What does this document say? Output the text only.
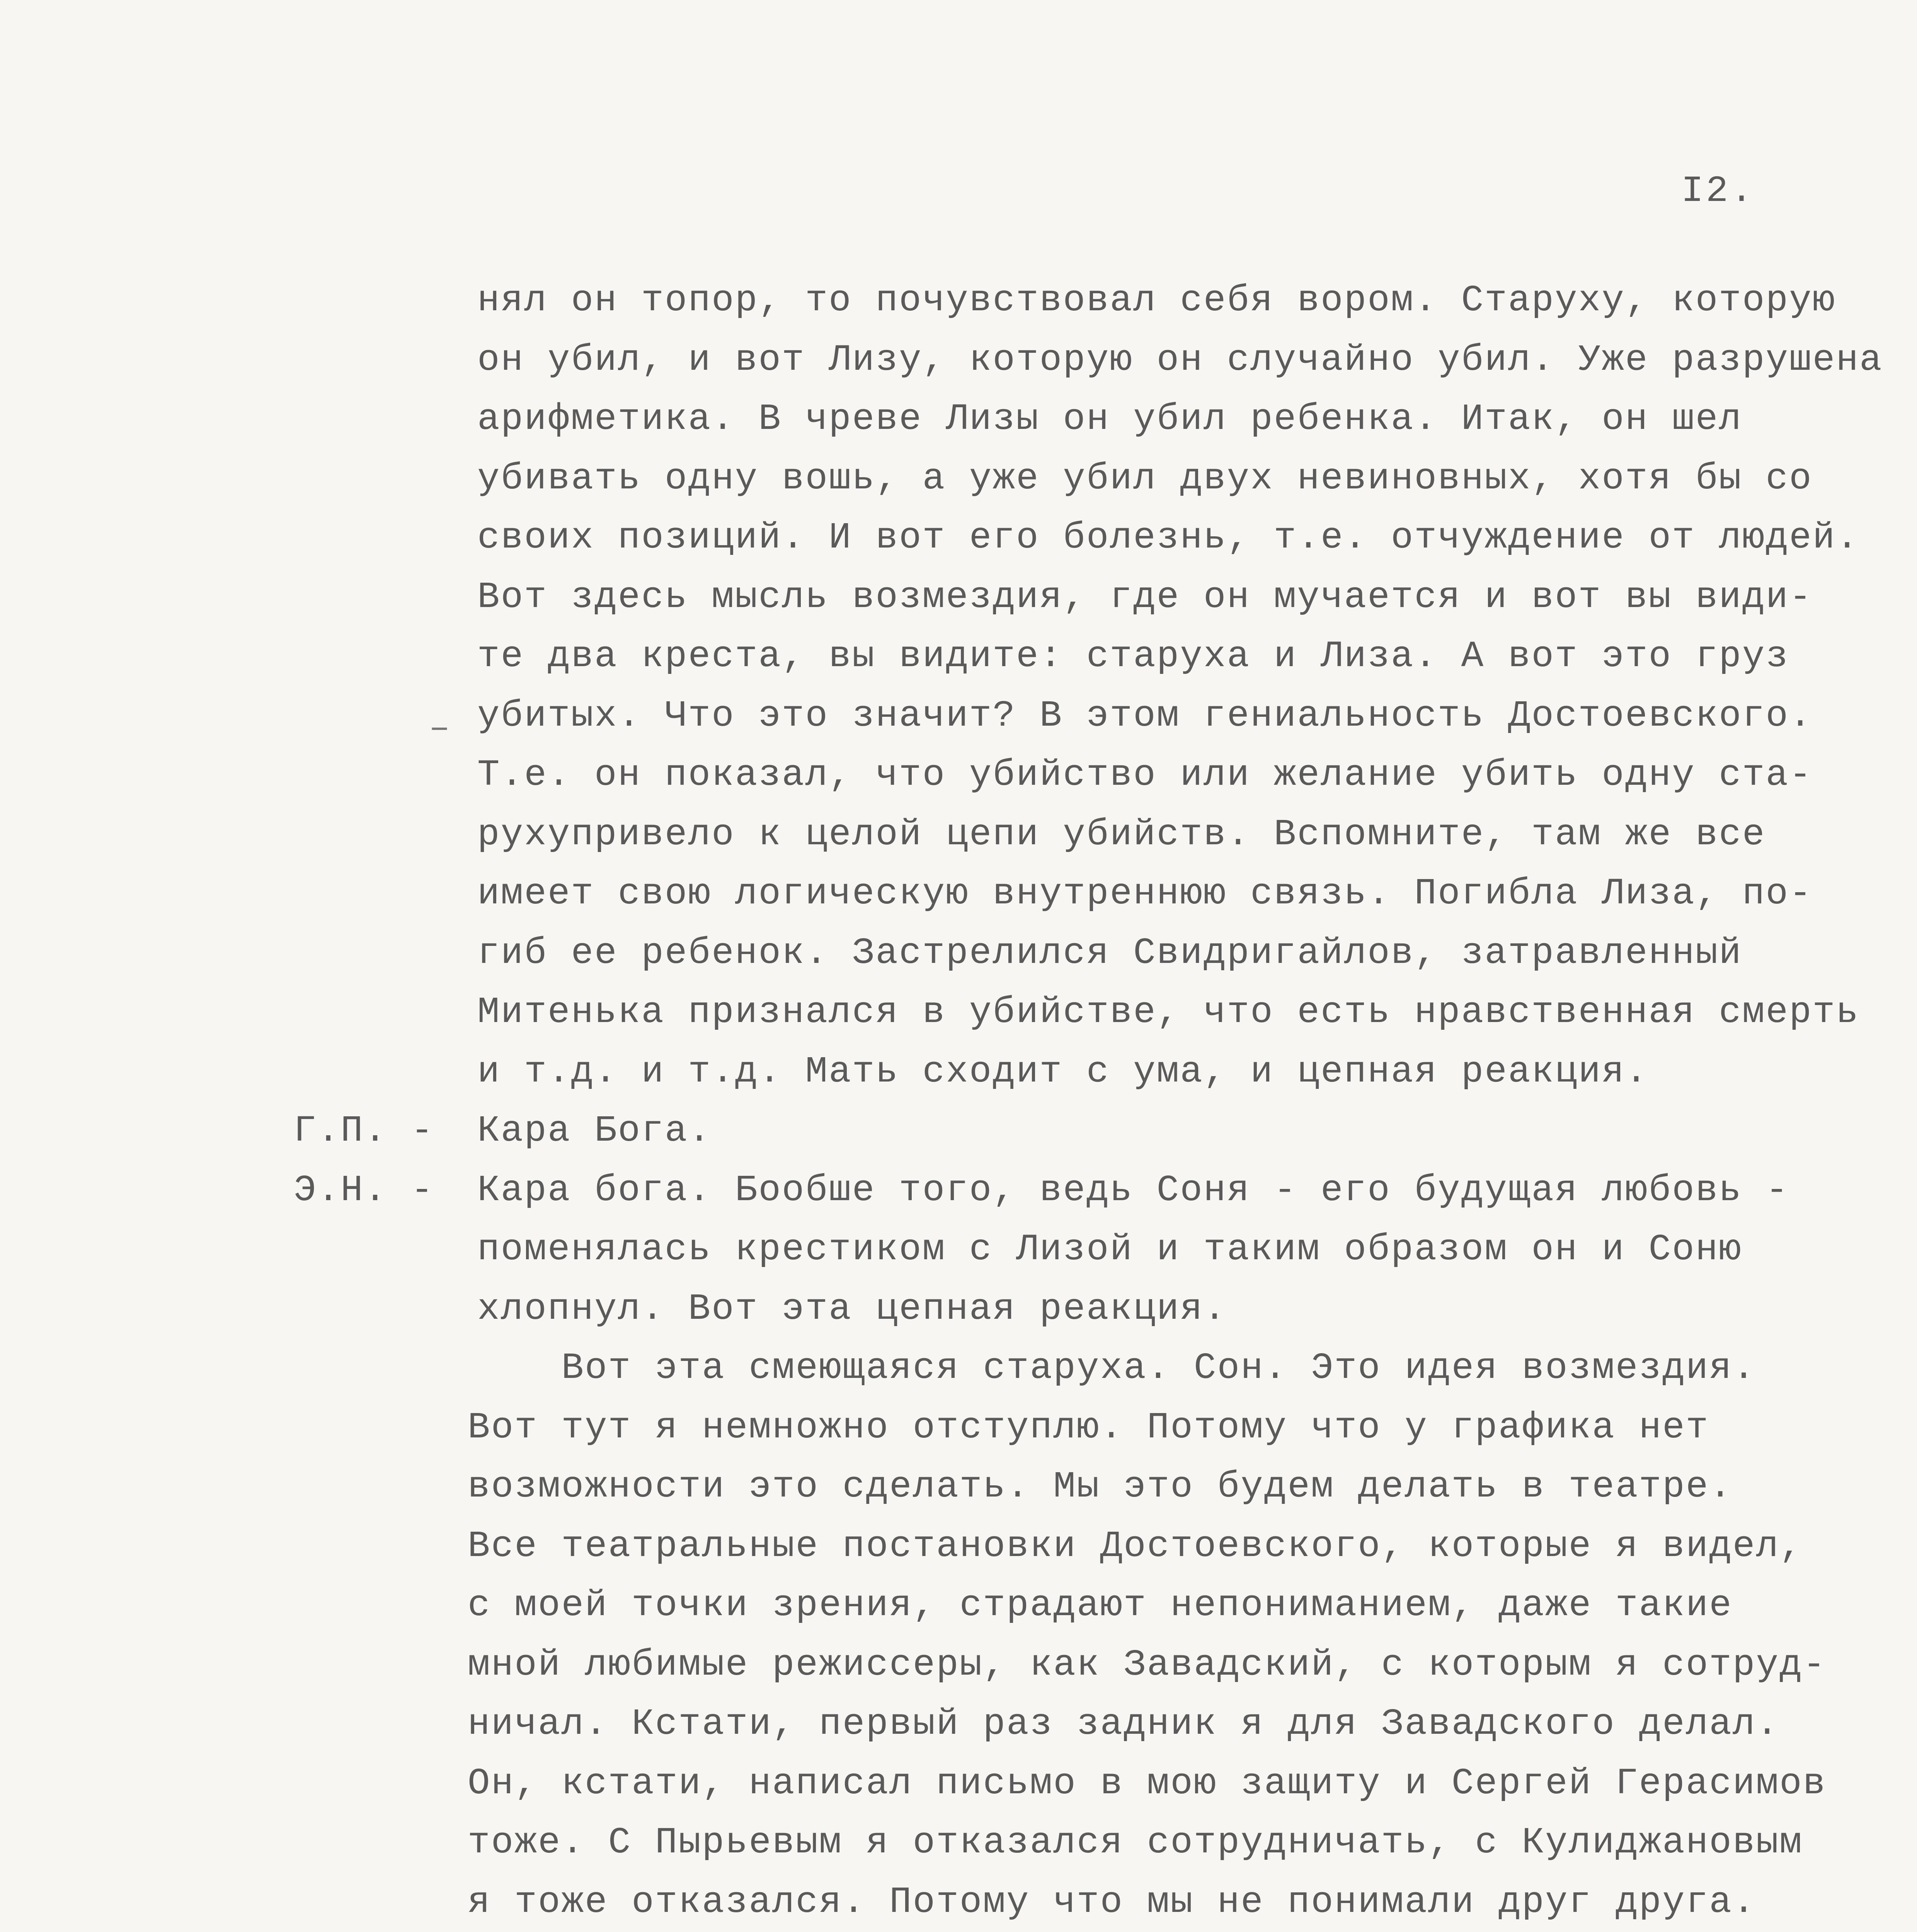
I2.
–
нял он топор, то почувствовал себя вором. Старуху, которую
он убил, и вот Лизу, которую он случайно убил. Уже разрушена
арифметика. В чреве Лизы он убил ребенка. Итак, он шел
убивать одну вошь, а уже убил двух невиновных, хотя бы со
своих позиций. И вот его болезнь, т.е. отчуждение от людей.
Вот здесь мысль возмездия, где он мучается и вот вы види-
те два креста, вы видите: старуха и Лиза. А вот это груз
убитых. Что это значит? В этом гениальность Достоевского.
Т.е. он показал, что убийство или желание убить одну ста-
рухупривело к целой цепи убийств. Вспомните, там же все
имеет свою логическую внутреннюю связь. Погибла Лиза, по-
гиб ее ребенок. Застрелился Свидригайлов, затравленный
Митенька признался в убийстве, что есть нравственная смерть
и т.д. и т.д. Мать сходит с ума, и цепная реакция.
Г.П. - Кара Бога.
Э.Н. - Кара бога. Бообше того, ведь Соня - его будущая любовь -
поменялась крестиком с Лизой и таким образом он и Соню
хлопнул. Вот эта цепная реакция.
Вот эта смеющаяся старуха. Сон. Это идея возмездия.
Вот тут я немножно отступлю. Потому что у графика нет
возможности это сделать. Мы это будем делать в театре.
Все театральные постановки Достоевского, которые я видел,
с моей точки зрения, страдают непониманием, даже такие
мной любимые режиссеры, как Завадский, с которым я сотруд-
ничал. Кстати, первый раз задник я для Завадского делал.
Он, кстати, написал письмо в мою защиту и Сергей Герасимов
тоже. С Пырьевым я отказался сотрудничать, с Кулиджановым
я тоже отказался. Потому что мы не понимали друг друга.
